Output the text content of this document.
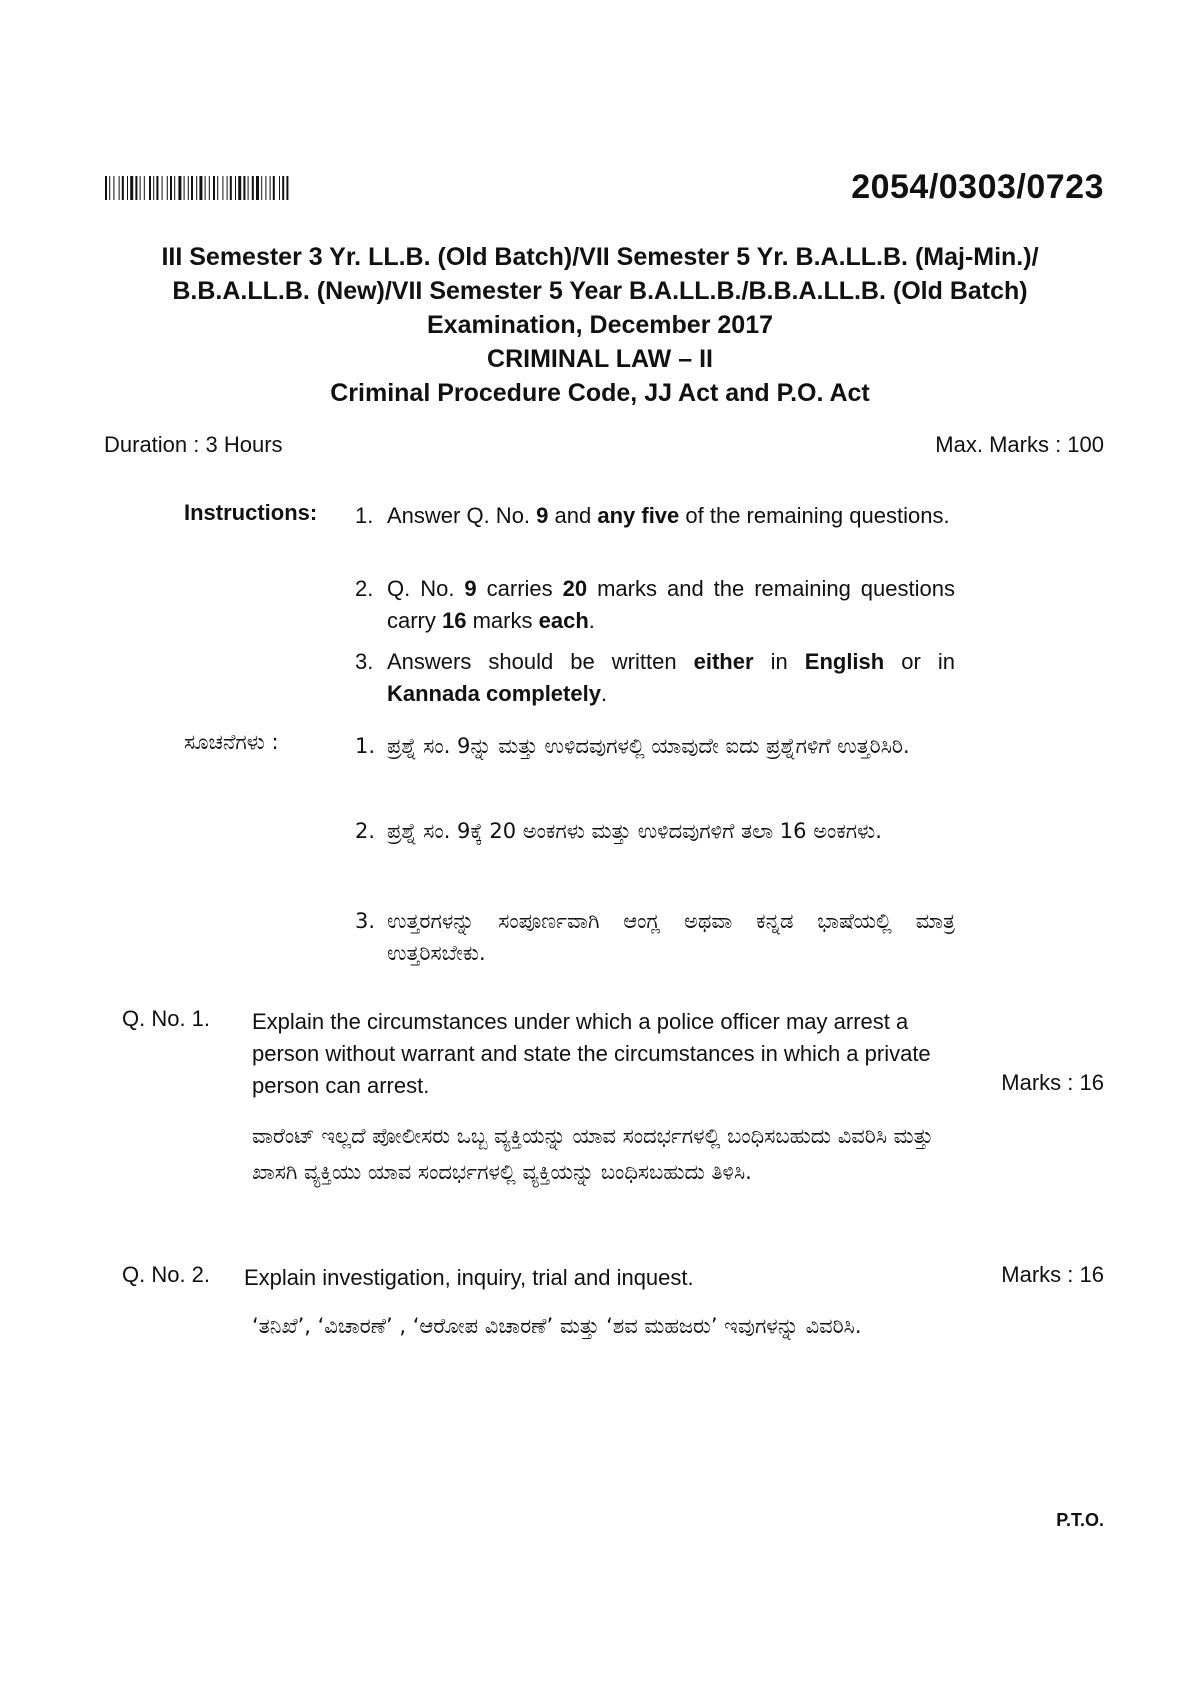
2054/0303/0723
III Semester 3 Yr. LL.B. (Old Batch)/VII Semester 5 Yr. B.A.LL.B. (Maj-Min.)/
B.B.A.LL.B. (New)/VII Semester 5 Year B.A.LL.B./B.B.A.LL.B. (Old Batch)
Examination, December 2017
CRIMINAL LAW – II
Criminal Procedure Code, JJ Act and P.O. Act
Duration : 3 Hours	Max. Marks : 100
Instructions: 1. Answer Q. No. 9 and any five of the remaining questions.
2. Q. No. 9 carries 20 marks and the remaining questions carry 16 marks each.
3. Answers should be written either in English or in Kannada completely.
ಸೂಚನೆಗಳು :	1. ಪ್ರಶ್ನೆ ಸಂ. 9ನ್ನು ಮತ್ತು ಉಳಿದವುಗಳಲ್ಲಿ ಯಾವುದೇ ಐದು ಪ್ರಶ್ನೆಗಳಿಗೆ ಉತ್ತರಿಸಿರಿ.
2. ಪ್ರಶ್ನೆ ಸಂ. 9ಕ್ಕೆ 20 ಅಂಕಗಳು ಮತ್ತು ಉಳಿದವುಗಳಿಗೆ ತಲಾ 16 ಅಂಕಗಳು.
3. ಉತ್ತರಗಳನ್ನು ಸಂಪೂರ್ಣವಾಗಿ ಆಂಗ್ಲ ಅಥವಾ ಕನ್ನಡ ಭಾಷೆಯಲ್ಲಿ ಮಾತ್ರ ಉತ್ತರಿಸಬೇಕು.
Q. No. 1. Explain the circumstances under which a police officer may arrest a person without warrant and state the circumstances in which a private person can arrest.	Marks : 16
ವಾರೆಂಟ್ ಇಲ್ಲದೆ ಪೋಲೀಸರು ಒಬ್ಬ ವ್ಯಕ್ತಿಯನ್ನು ಯಾವ ಸಂದರ್ಭಗಳಲ್ಲಿ ಬಂಧಿಸಬಹುದು ವಿವರಿಸಿ ಮತ್ತು ಖಾಸಗಿ ವ್ಯಕ್ತಿಯು ಯಾವ ಸಂದರ್ಭಗಳಲ್ಲಿ ವ್ಯಕ್ತಿಯನ್ನು ಬಂಧಿಸಬಹುದು ತಿಳಿಸಿ.
Q. No. 2. Explain investigation, inquiry, trial and inquest.	Marks : 16
‘ತನಿಖೆ’, ‘ವಿಚಾರಣೆ’ , ‘ಆರೋಪ ವಿಚಾರಣೆ’ ಮತ್ತು ‘ಶವ ಮಹಜರು’ ಇವುಗಳನ್ನು ವಿವರಿಸಿ.
P.T.O.
